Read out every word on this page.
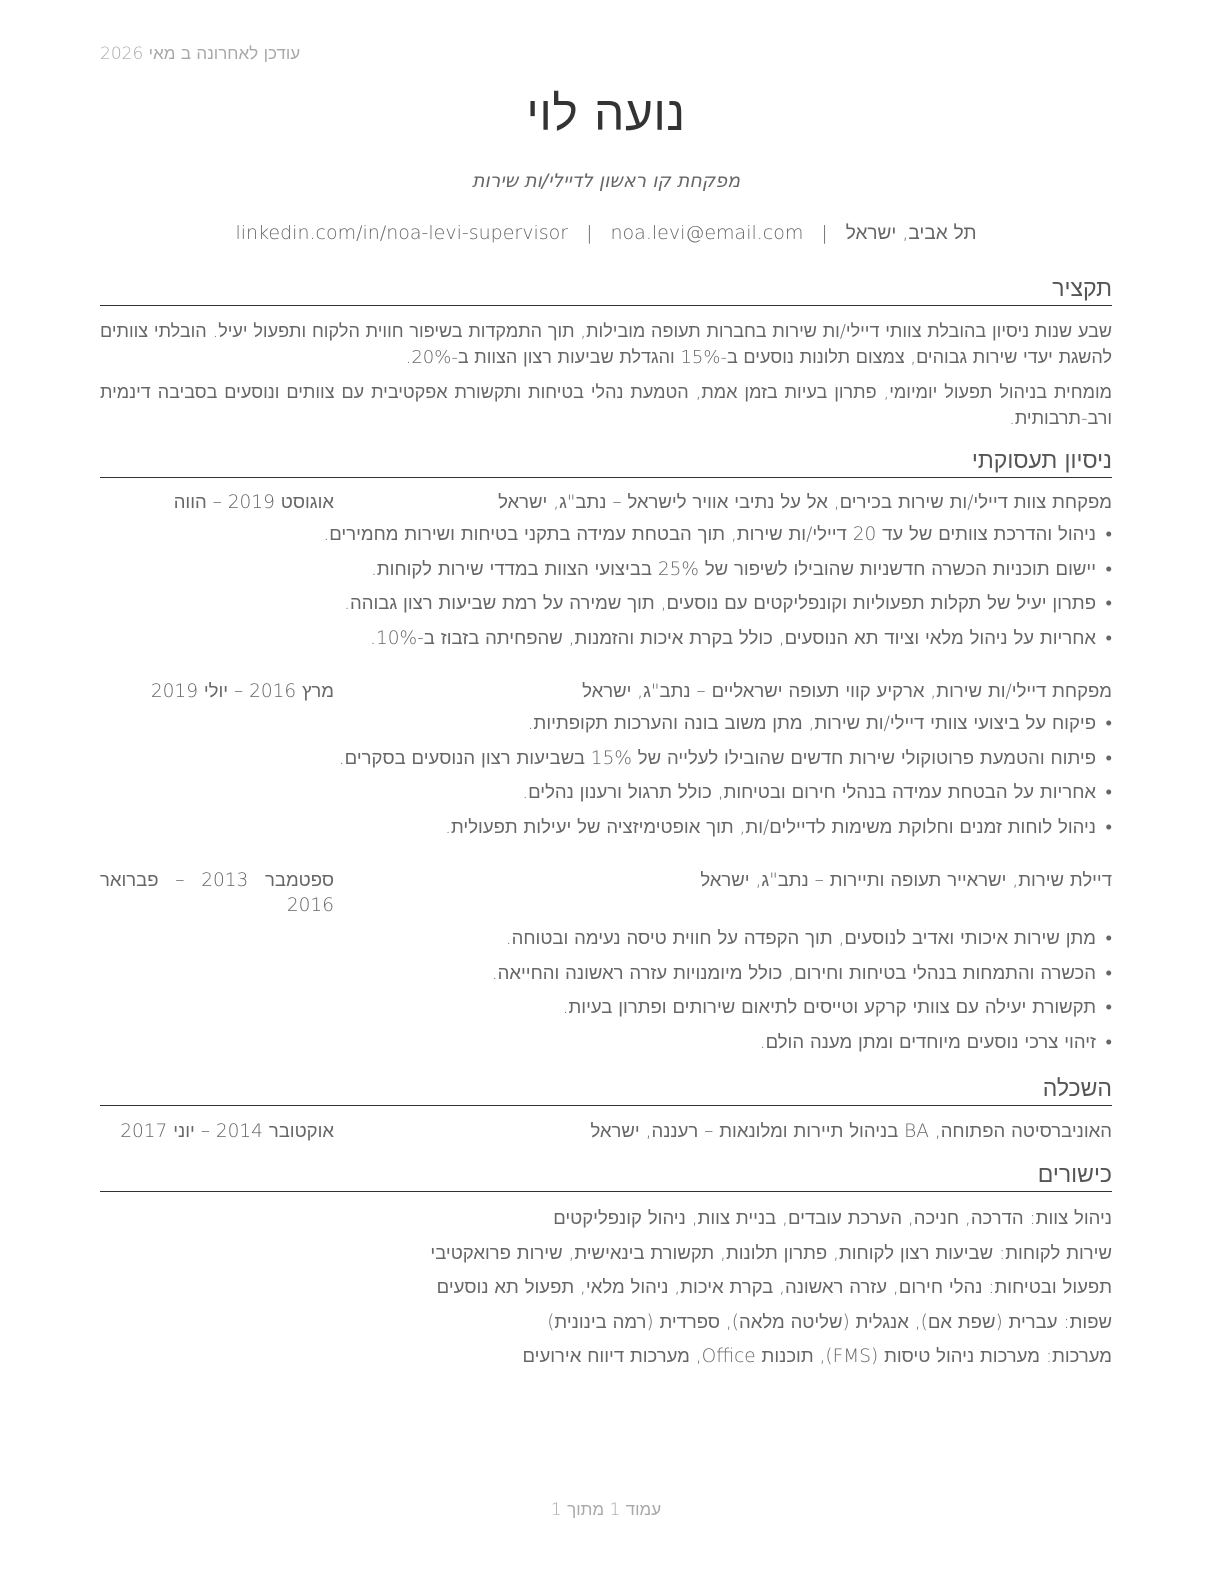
עודכן לאחרונה ב מאי 2026
נועה לוי
מפקחת קו ראשון לדיילי/ות שירות
תל אביב, ישראל|noa.levi@email.com|linkedin.com/in/noa-levi-supervisor
תקציר
שבע שנות ניסיון בהובלת צוותי דיילי/ות שירות בחברות תעופה מובילות, תוך התמקדות בשיפור חווית הלקוח ותפעול יעיל. הובלתי צוותים להשגת יעדי שירות גבוהים, צמצום תלונות נוסעים ב-15% והגדלת שביעות רצון הצוות ב-20%.
מומחית בניהול תפעול יומיומי, פתרון בעיות בזמן אמת, הטמעת נהלי בטיחות ותקשורת אפקטיבית עם צוותים ונוסעים בסביבה דינמית ורב-תרבותית.
ניסיון תעסוקתי
מפקחת צוות דיילי/ות שירות בכירים, אל על נתיבי אוויר לישראל – נתב"ג, ישראל
אוגוסט 2019 – הווה
•
ניהול והדרכת צוותים של עד 20 דיילי/ות שירות, תוך הבטחת עמידה בתקני בטיחות ושירות מחמירים.
•
יישום תוכניות הכשרה חדשניות שהובילו לשיפור של 25% בביצועי הצוות במדדי שירות לקוחות.
•
פתרון יעיל של תקלות תפעוליות וקונפליקטים עם נוסעים, תוך שמירה על רמת שביעות רצון גבוהה.
•
אחריות על ניהול מלאי וציוד תא הנוסעים, כולל בקרת איכות והזמנות, שהפחיתה בזבוז ב-10%.
מפקחת דיילי/ות שירות, ארקיע קווי תעופה ישראליים – נתב"ג, ישראל
מרץ 2016 – יולי 2019
•
פיקוח על ביצועי צוותי דיילי/ות שירות, מתן משוב בונה והערכות תקופתיות.
•
פיתוח והטמעת פרוטוקולי שירות חדשים שהובילו לעלייה של 15% בשביעות רצון הנוסעים בסקרים.
•
אחריות על הבטחת עמידה בנהלי חירום ובטיחות, כולל תרגול ורענון נהלים.
•
ניהול לוחות זמנים וחלוקת משימות לדיילים/ות, תוך אופטימיזציה של יעילות תפעולית.
דיילת שירות, ישראייר תעופה ותיירות – נתב"ג, ישראל
ספטמבר 2013 – פברואר
2016
•
מתן שירות איכותי ואדיב לנוסעים, תוך הקפדה על חווית טיסה נעימה ובטוחה.
•
הכשרה והתמחות בנהלי בטיחות וחירום, כולל מיומנויות עזרה ראשונה והחייאה.
•
תקשורת יעילה עם צוותי קרקע וטייסים לתיאום שירותים ופתרון בעיות.
•
זיהוי צרכי נוסעים מיוחדים ומתן מענה הולם.
השכלה
האוניברסיטה הפתוחה, BA בניהול תיירות ומלונאות – רעננה, ישראל
אוקטובר 2014 – יוני 2017
כישורים
ניהול צוות: הדרכה, חניכה, הערכת עובדים, בניית צוות, ניהול קונפליקטים
שירות לקוחות: שביעות רצון לקוחות, פתרון תלונות, תקשורת בינאישית, שירות פרואקטיבי
תפעול ובטיחות: נהלי חירום, עזרה ראשונה, בקרת איכות, ניהול מלאי, תפעול תא נוסעים
שפות: עברית (שפת אם), אנגלית (שליטה מלאה), ספרדית (רמה בינונית)
מערכות: מערכות ניהול טיסות (FMS), תוכנות Office, מערכות דיווח אירועים
עמוד 1 מתוך 1
